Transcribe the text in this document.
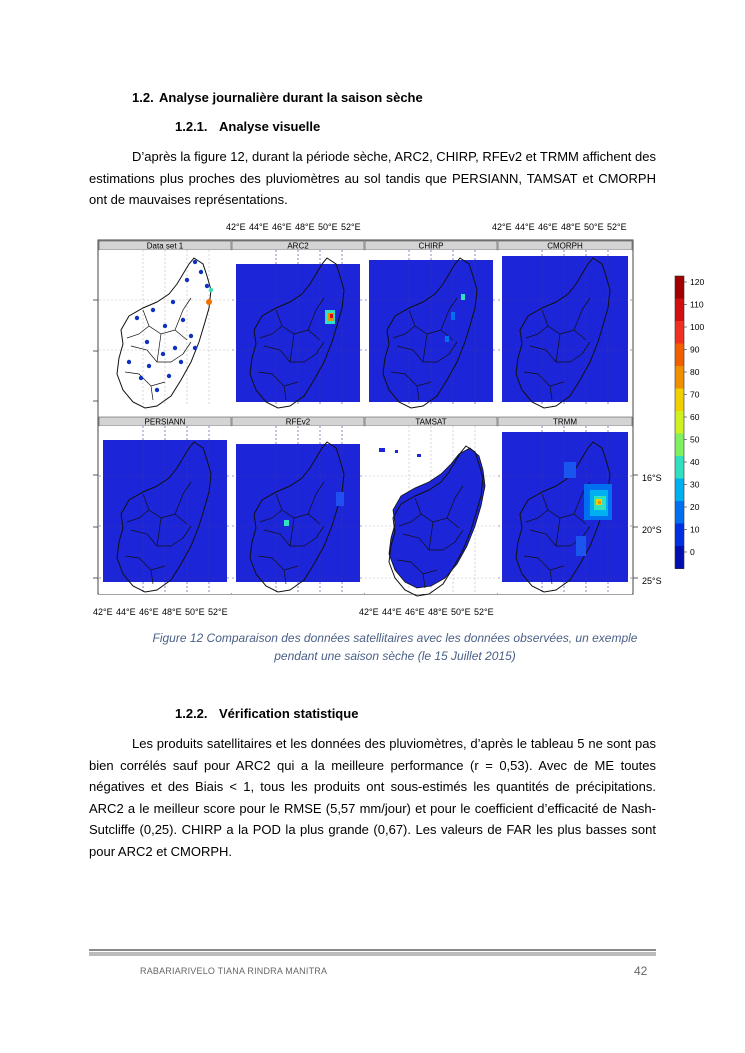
1.2. Analyse journalière durant la saison sèche
1.2.1. Analyse visuelle
D’après la figure 12, durant la période sèche, ARC2, CHIRP, RFEv2 et TRMM affichent des estimations plus proches des pluviomètres au sol tandis que PERSIANN, TAMSAT et CMORPH ont de mauvaises représentations.
42°E 44°E 46°E 48°E 50°E 52°E	42°E 44°E 46°E 48°E 50°E 52°E
Data set 1	ARC2	CHIRP	CMORPH
PERSIANN	RFEv2	TAMSAT	TRMM
16°S
20°S
25°S
42°E 44°E 46°E 48°E 50°E 52°E	42°E 44°E 46°E 48°E 50°E 52°E
120
110
100
90
80
70
60
50
40
30
20
10
0
Figure 12 Comparaison des données satellitaires avec les données observées, un exemple
pendant une saison sèche (le 15 Juillet 2015)
1.2.2. Vérification statistique
Les produits satellitaires et les données des pluviomètres, d’après le tableau 5 ne sont pas bien corrélés sauf pour ARC2 qui a la meilleure performance (r = 0,53). Avec de ME toutes négatives et des Biais < 1, tous les produits ont sous-estimés les quantités de précipitations. ARC2 a le meilleur score pour le RMSE (5,57 mm/jour) et pour le coefficient d’efficacité de Nash-Sutcliffe (0,25). CHIRP a la POD la plus grande (0,67). Les valeurs de FAR les plus basses sont pour ARC2 et CMORPH.
RABARIARIVELO TIANA RINDRA MANITRA	42
